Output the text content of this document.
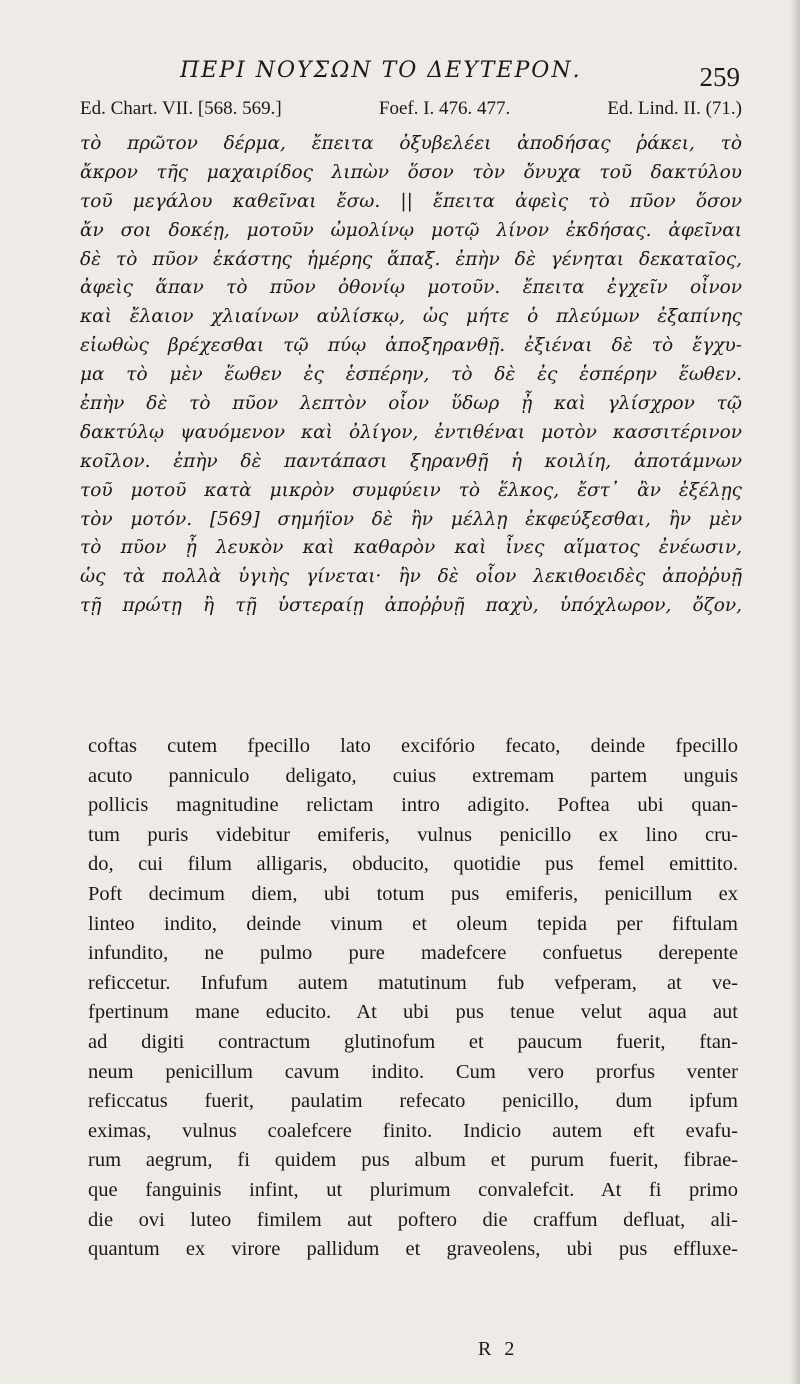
ΠΕΡΙ ΝΟΥΣΩΝ ΤΟ ΔΕΥΤΕΡΟΝ.	259
Ed. Chart. VII. [568. 569.]	Foef. I. 476. 477.	Ed. Lind. II. (71.)
τὸ πρῶτον δέρμα, ἔπειτα ὀξυβελέει ἀποδήσας ῥάκει, τὸ
ἄκρον τῆς μαχαιρίδος λιπὼν ὅσον τὸν ὄνυχα τοῦ δακτύλου
τοῦ μεγάλου καθεῖναι ἔσω. || ἔπειτα ἀφεὶς τὸ πῦον ὅσον
ἄν σοι δοκέῃ, μοτοῦν ὠμολίνῳ μοτῷ λίνον ἐκδήσας. ἀφεῖναι
δὲ τὸ πῦον ἑκάστης ἡμέρης ἅπαξ. ἐπὴν δὲ γένηται δεκαταῖος,
ἀφεὶς ἅπαν τὸ πῦον ὀθονίῳ μοτοῦν. ἔπειτα ἐγχεῖν οἶνον
καὶ ἔλαιον χλιαίνων αὐλίσκῳ, ὡς μήτε ὁ πλεύμων ἐξαπίνης
εἰωθὼς βρέχεσθαι τῷ πύῳ ἀποξηρανθῇ. ἐξιέναι δὲ τὸ ἔγχυ-
μα τὸ μὲν ἕωθεν ἐς ἑσπέρην, τὸ δὲ ἐς ἑσπέρην ἕωθεν.
ἐπὴν δὲ τὸ πῦον λεπτὸν οἷον ὕδωρ ᾖ καὶ γλίσχρον τῷ
δακτύλῳ ψαυόμενον καὶ ὀλίγον, ἐντιθέναι μοτὸν κασσιτέρινον
κοῖλον. ἐπὴν δὲ παντάπασι ξηρανθῇ ἡ κοιλίη, ἀποτάμνων
τοῦ μοτοῦ κατὰ μικρὸν συμφύειν τὸ ἕλκος, ἔστ᾽ ἂν ἐξέλῃς
τὸν μοτόν. [569] σημήϊον δὲ ἢν μέλλῃ ἐκφεύξεσθαι, ἢν μὲν
τὸ πῦον ᾖ λευκὸν καὶ καθαρὸν καὶ ἶνες αἵματος ἐνέωσιν,
ὡς τὰ πολλὰ ὑγιὴς γίνεται· ἢν δὲ οἷον λεκιθοειδὲς ἀποῤῥυῇ
τῇ πρώτῃ ἢ τῇ ὑστεραίῃ ἀποῤῥυῇ παχὺ, ὑπόχλωρον, ὄζον,
coftas cutem fpecillo lato excifório fecato, deinde fpecillo
acuto panniculo deligato, cuius extremam partem unguis
pollicis magnitudine relictam intro adigito. Poftea ubi quan-
tum puris videbitur emiferis, vulnus penicillo ex lino cru-
do, cui filum alligaris, obducito, quotidie pus femel emittito.
Poft decimum diem, ubi totum pus emiferis, penicillum ex
linteo indito, deinde vinum et oleum tepida per fiftulam
infundito, ne pulmo pure madefcere confuetus derepente
reficcetur. Infufum autem matutinum fub vefperam, at ve-
fpertinum mane educito. At ubi pus tenue velut aqua aut
ad digiti contractum glutinofum et paucum fuerit, ftan-
neum penicillum cavum indito. Cum vero prorfus venter
reficcatus fuerit, paulatim refecato penicillo, dum ipfum
eximas, vulnus coalefcere finito. Indicio autem eft evafu-
rum aegrum, fi quidem pus album et purum fuerit, fibrae-
que fanguinis infint, ut plurimum convalefcit. At fi primo
die ovi luteo fimilem aut poftero die craffum defluat, ali-
quantum ex virore pallidum et graveolens, ubi pus effluxe-
R 2
